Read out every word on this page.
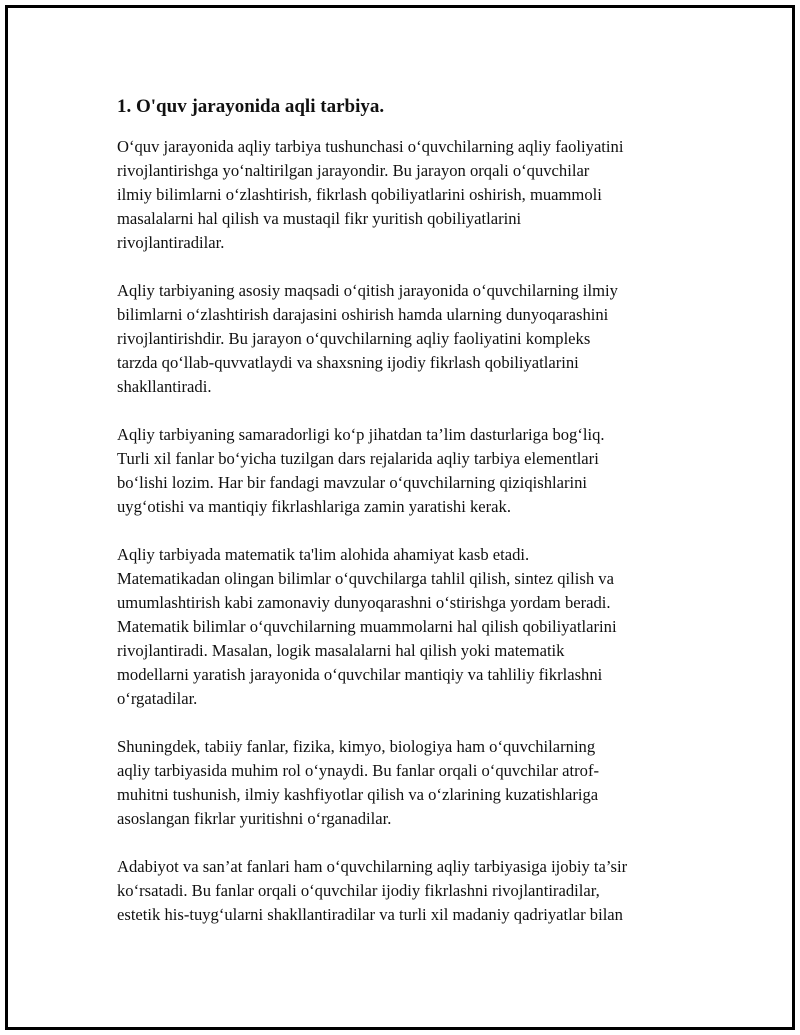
1. O'quv jarayonida aqli tarbiya.
O‘quv jarayonida aqliy tarbiya tushunchasi o‘quvchilarning aqliy faoliyatini
rivojlantirishga yo‘naltirilgan jarayondir. Bu jarayon orqali o‘quvchilar
ilmiy bilimlarni o‘zlashtirish, fikrlash qobiliyatlarini oshirish, muammoli
masalalarni hal qilish va mustaqil fikr yuritish qobiliyatlarini
rivojlantiradilar.
Aqliy tarbiyaning asosiy maqsadi o‘qitish jarayonida o‘quvchilarning ilmiy
bilimlarni o‘zlashtirish darajasini oshirish hamda ularning dunyoqarashini
rivojlantirishdir. Bu jarayon o‘quvchilarning aqliy faoliyatini kompleks
tarzda qo‘llab-quvvatlaydi va shaxsning ijodiy fikrlash qobiliyatlarini
shakllantiradi.
Aqliy tarbiyaning samaradorligi ko‘p jihatdan ta’lim dasturlariga bog‘liq.
Turli xil fanlar bo‘yicha tuzilgan dars rejalarida aqliy tarbiya elementlari
bo‘lishi lozim. Har bir fandagi mavzular o‘quvchilarning qiziqishlarini
uyg‘otishi va mantiqiy fikrlashlariga zamin yaratishi kerak.
Aqliy tarbiyada matematik ta'lim alohida ahamiyat kasb etadi.
Matematikadan olingan bilimlar o‘quvchilarga tahlil qilish, sintez qilish va
umumlashtirish kabi zamonaviy dunyoqarashni o‘stirishga yordam beradi.
Matematik bilimlar o‘quvchilarning muammolarni hal qilish qobiliyatlarini
rivojlantiradi. Masalan, logik masalalarni hal qilish yoki matematik
modellarni yaratish jarayonida o‘quvchilar mantiqiy va tahliliy fikrlashni
o‘rgatadilar.
Shuningdek, tabiiy fanlar, fizika, kimyo, biologiya ham o‘quvchilarning
aqliy tarbiyasida muhim rol o‘ynaydi. Bu fanlar orqali o‘quvchilar atrof-
muhitni tushunish, ilmiy kashfiyotlar qilish va o‘zlarining kuzatishlariga
asoslangan fikrlar yuritishni o‘rganadilar.
Adabiyot va san’at fanlari ham o‘quvchilarning aqliy tarbiyasiga ijobiy ta’sir
ko‘rsatadi. Bu fanlar orqali o‘quvchilar ijodiy fikrlashni rivojlantiradilar,
estetik his-tuyg‘ularni shakllantiradilar va turli xil madaniy qadriyatlar bilan
